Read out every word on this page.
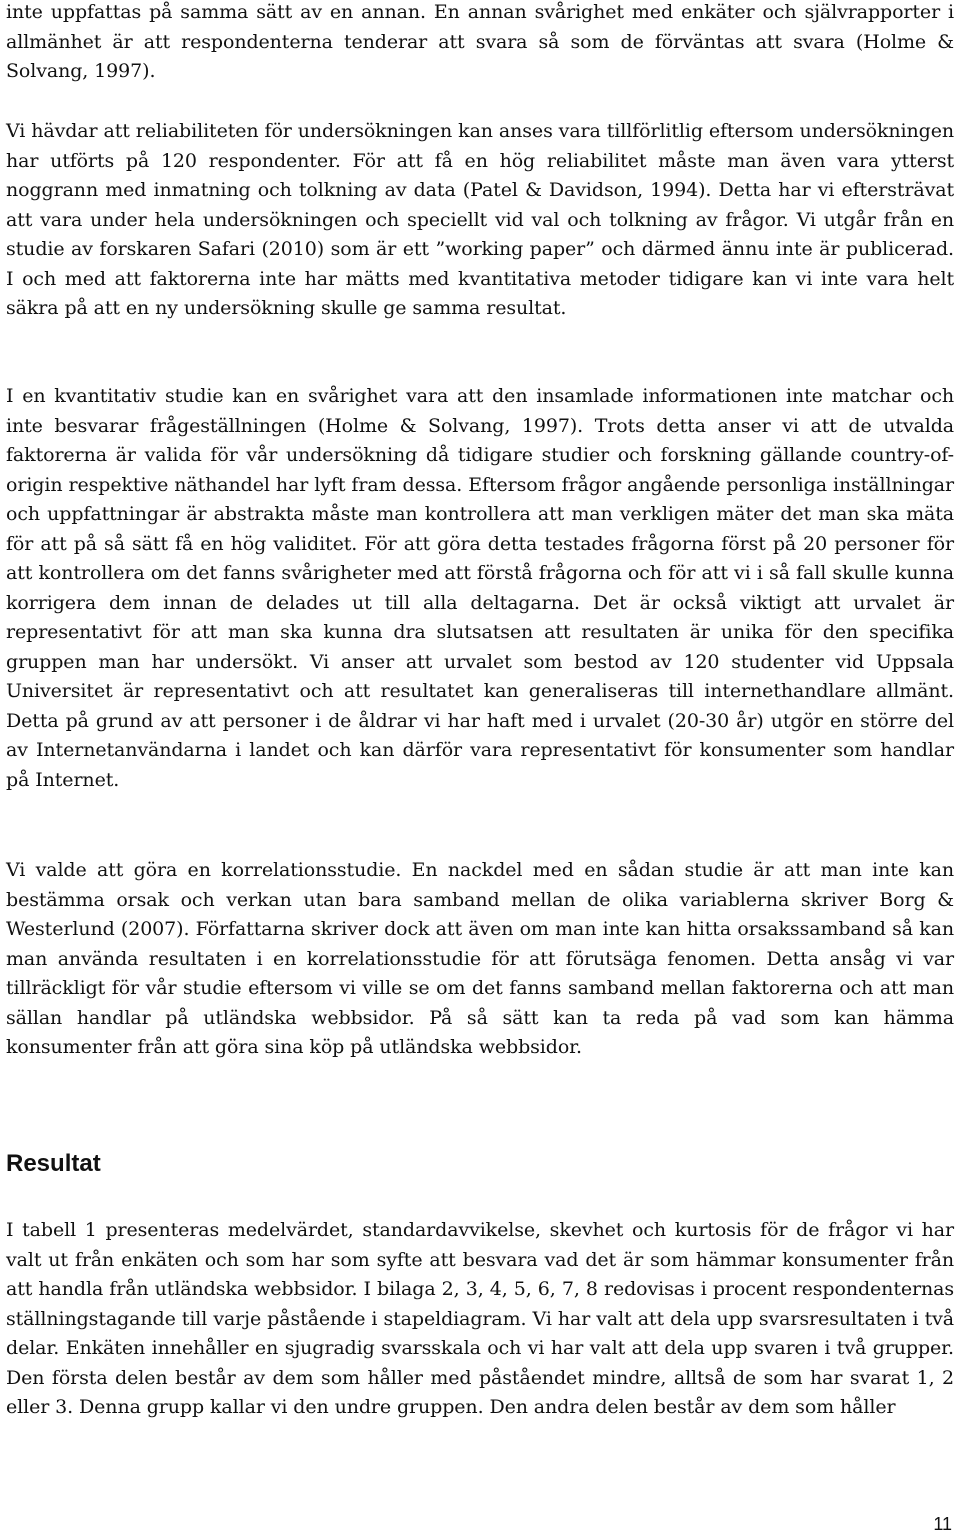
inte uppfattas på samma sätt av en annan. En annan svårighet med enkäter och självrapporter i allmänhet är att respondenterna tenderar att svara så som de förväntas att svara (Holme & Solvang, 1997).

Vi hävdar att reliabiliteten för undersökningen kan anses vara tillförlitlig eftersom undersökningen har utförts på 120 respondenter. För att få en hög reliabilitet måste man även vara ytterst noggrann med inmatning och tolkning av data (Patel & Davidson, 1994). Detta har vi eftersträvat att vara under hela undersökningen och speciellt vid val och tolkning av frågor. Vi utgår från en studie av forskaren Safari (2010) som är ett ”working paper” och därmed ännu inte är publicerad. I och med att faktorerna inte har mätts med kvantitativa metoder tidigare kan vi inte vara helt säkra på att en ny undersökning skulle ge samma resultat.

I en kvantitativ studie kan en svårighet vara att den insamlade informationen inte matchar och inte besvarar frågeställningen (Holme & Solvang, 1997). Trots detta anser vi att de utvalda faktorerna är valida för vår undersökning då tidigare studier och forskning gällande country-of-origin respektive näthandel har lyft fram dessa. Eftersom frågor angående personliga inställningar och uppfattningar är abstrakta måste man kontrollera att man verkligen mäter det man ska mäta för att på så sätt få en hög validitet. För att göra detta testades frågorna först på 20 personer för att kontrollera om det fanns svårigheter med att förstå frågorna och för att vi i så fall skulle kunna korrigera dem innan de delades ut till alla deltagarna. Det är också viktigt att urvalet är representativt för att man ska kunna dra slutsatsen att resultaten är unika för den specifika gruppen man har undersökt. Vi anser att urvalet som bestod av 120 studenter vid Uppsala Universitet är representativt och att resultatet kan generaliseras till internethandlare allmänt. Detta på grund av att personer i de åldrar vi har haft med i urvalet (20-30 år) utgör en större del av Internetanvändarna i landet och kan därför vara representativt för konsumenter som handlar på Internet.

Vi valde att göra en korrelationsstudie. En nackdel med en sådan studie är att man inte kan bestämma orsak och verkan utan bara samband mellan de olika variablerna skriver Borg & Westerlund (2007). Författarna skriver dock att även om man inte kan hitta orsakssamband så kan man använda resultaten i en korrelationsstudie för att förutsäga fenomen. Detta ansåg vi var tillräckligt för vår studie eftersom vi ville se om det fanns samband mellan faktorerna och att man sällan handlar på utländska webbsidor. På så sätt kan ta reda på vad som kan hämma konsumenter från att göra sina köp på utländska webbsidor.

Resultat

I tabell 1 presenteras medelvärdet, standardavvikelse, skevhet och kurtosis för de frågor vi har valt ut från enkäten och som har som syfte att besvara vad det är som hämmar konsumenter från att handla från utländska webbsidor. I bilaga 2, 3, 4, 5, 6, 7, 8 redovisas i procent respondenternas ställningstagande till varje påstående i stapeldiagram. Vi har valt att dela upp svarsresultaten i två delar. Enkäten innehåller en sjugradig svarsskala och vi har valt att dela upp svaren i två grupper. Den första delen består av dem som håller med påståendet mindre, alltså de som har svarat 1, 2 eller 3. Denna grupp kallar vi den undre gruppen. Den andra delen består av dem som håller

11
